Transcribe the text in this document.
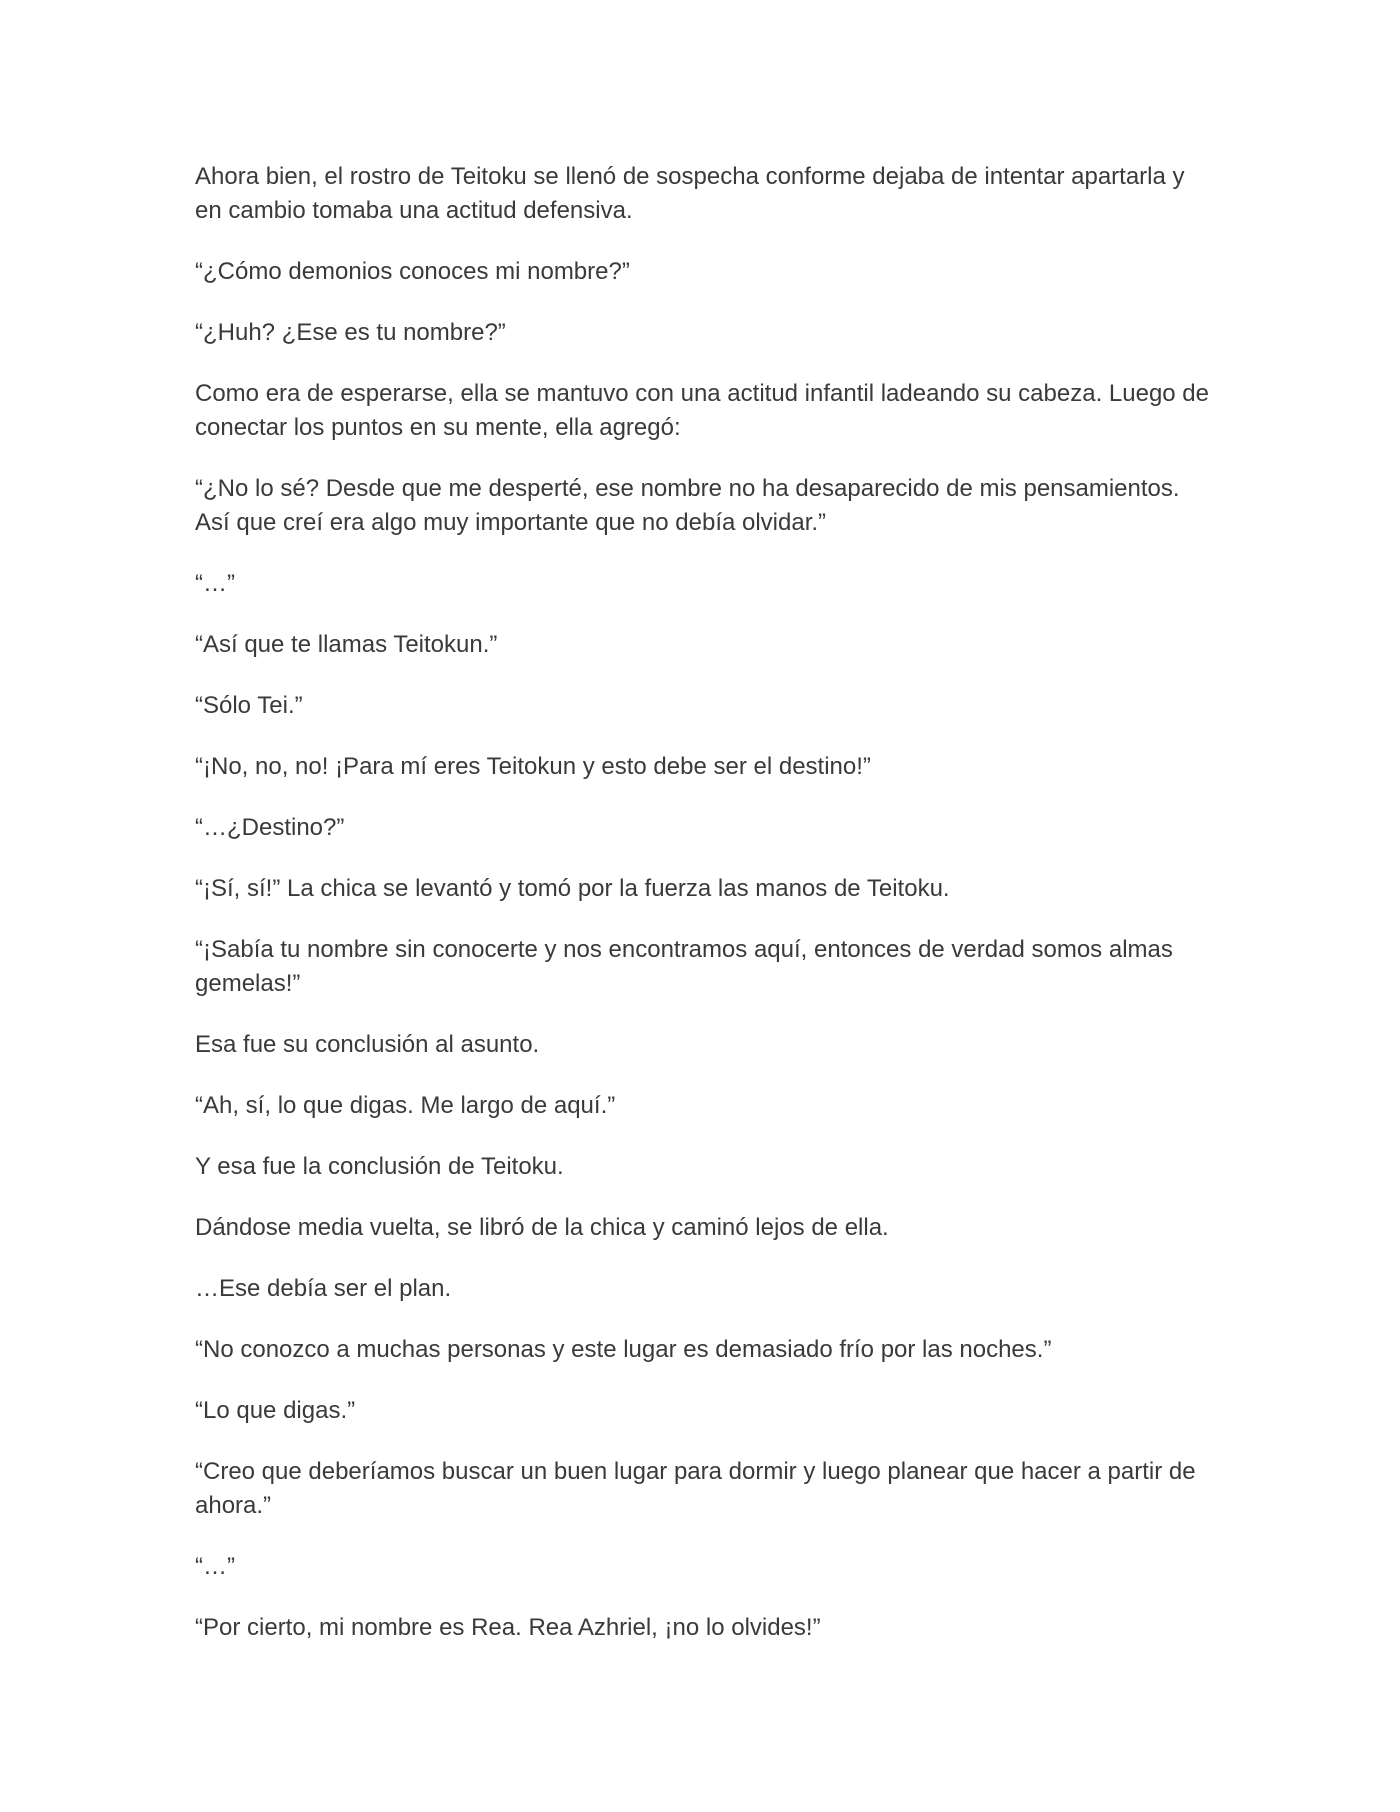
Ahora bien, el rostro de Teitoku se llenó de sospecha conforme dejaba de intentar apartarla y en cambio tomaba una actitud defensiva.

“¿Cómo demonios conoces mi nombre?”

“¿Huh? ¿Ese es tu nombre?”

Como era de esperarse, ella se mantuvo con una actitud infantil ladeando su cabeza. Luego de conectar los puntos en su mente, ella agregó:

“¿No lo sé? Desde que me desperté, ese nombre no ha desaparecido de mis pensamientos. Así que creí era algo muy importante que no debía olvidar.”

“…”

“Así que te llamas Teitokun.”

“Sólo Tei.”

“¡No, no, no! ¡Para mí eres Teitokun y esto debe ser el destino!”

“…¿Destino?”

“¡Sí, sí!” La chica se levantó y tomó por la fuerza las manos de Teitoku.

“¡Sabía tu nombre sin conocerte y nos encontramos aquí, entonces de verdad somos almas gemelas!”

Esa fue su conclusión al asunto.

“Ah, sí, lo que digas. Me largo de aquí.”

Y esa fue la conclusión de Teitoku.

Dándose media vuelta, se libró de la chica y caminó lejos de ella.

…Ese debía ser el plan.

“No conozco a muchas personas y este lugar es demasiado frío por las noches.”

“Lo que digas.”

“Creo que deberíamos buscar un buen lugar para dormir y luego planear que hacer a partir de ahora.”

“…”

“Por cierto, mi nombre es Rea. Rea Azhriel, ¡no lo olvides!”
